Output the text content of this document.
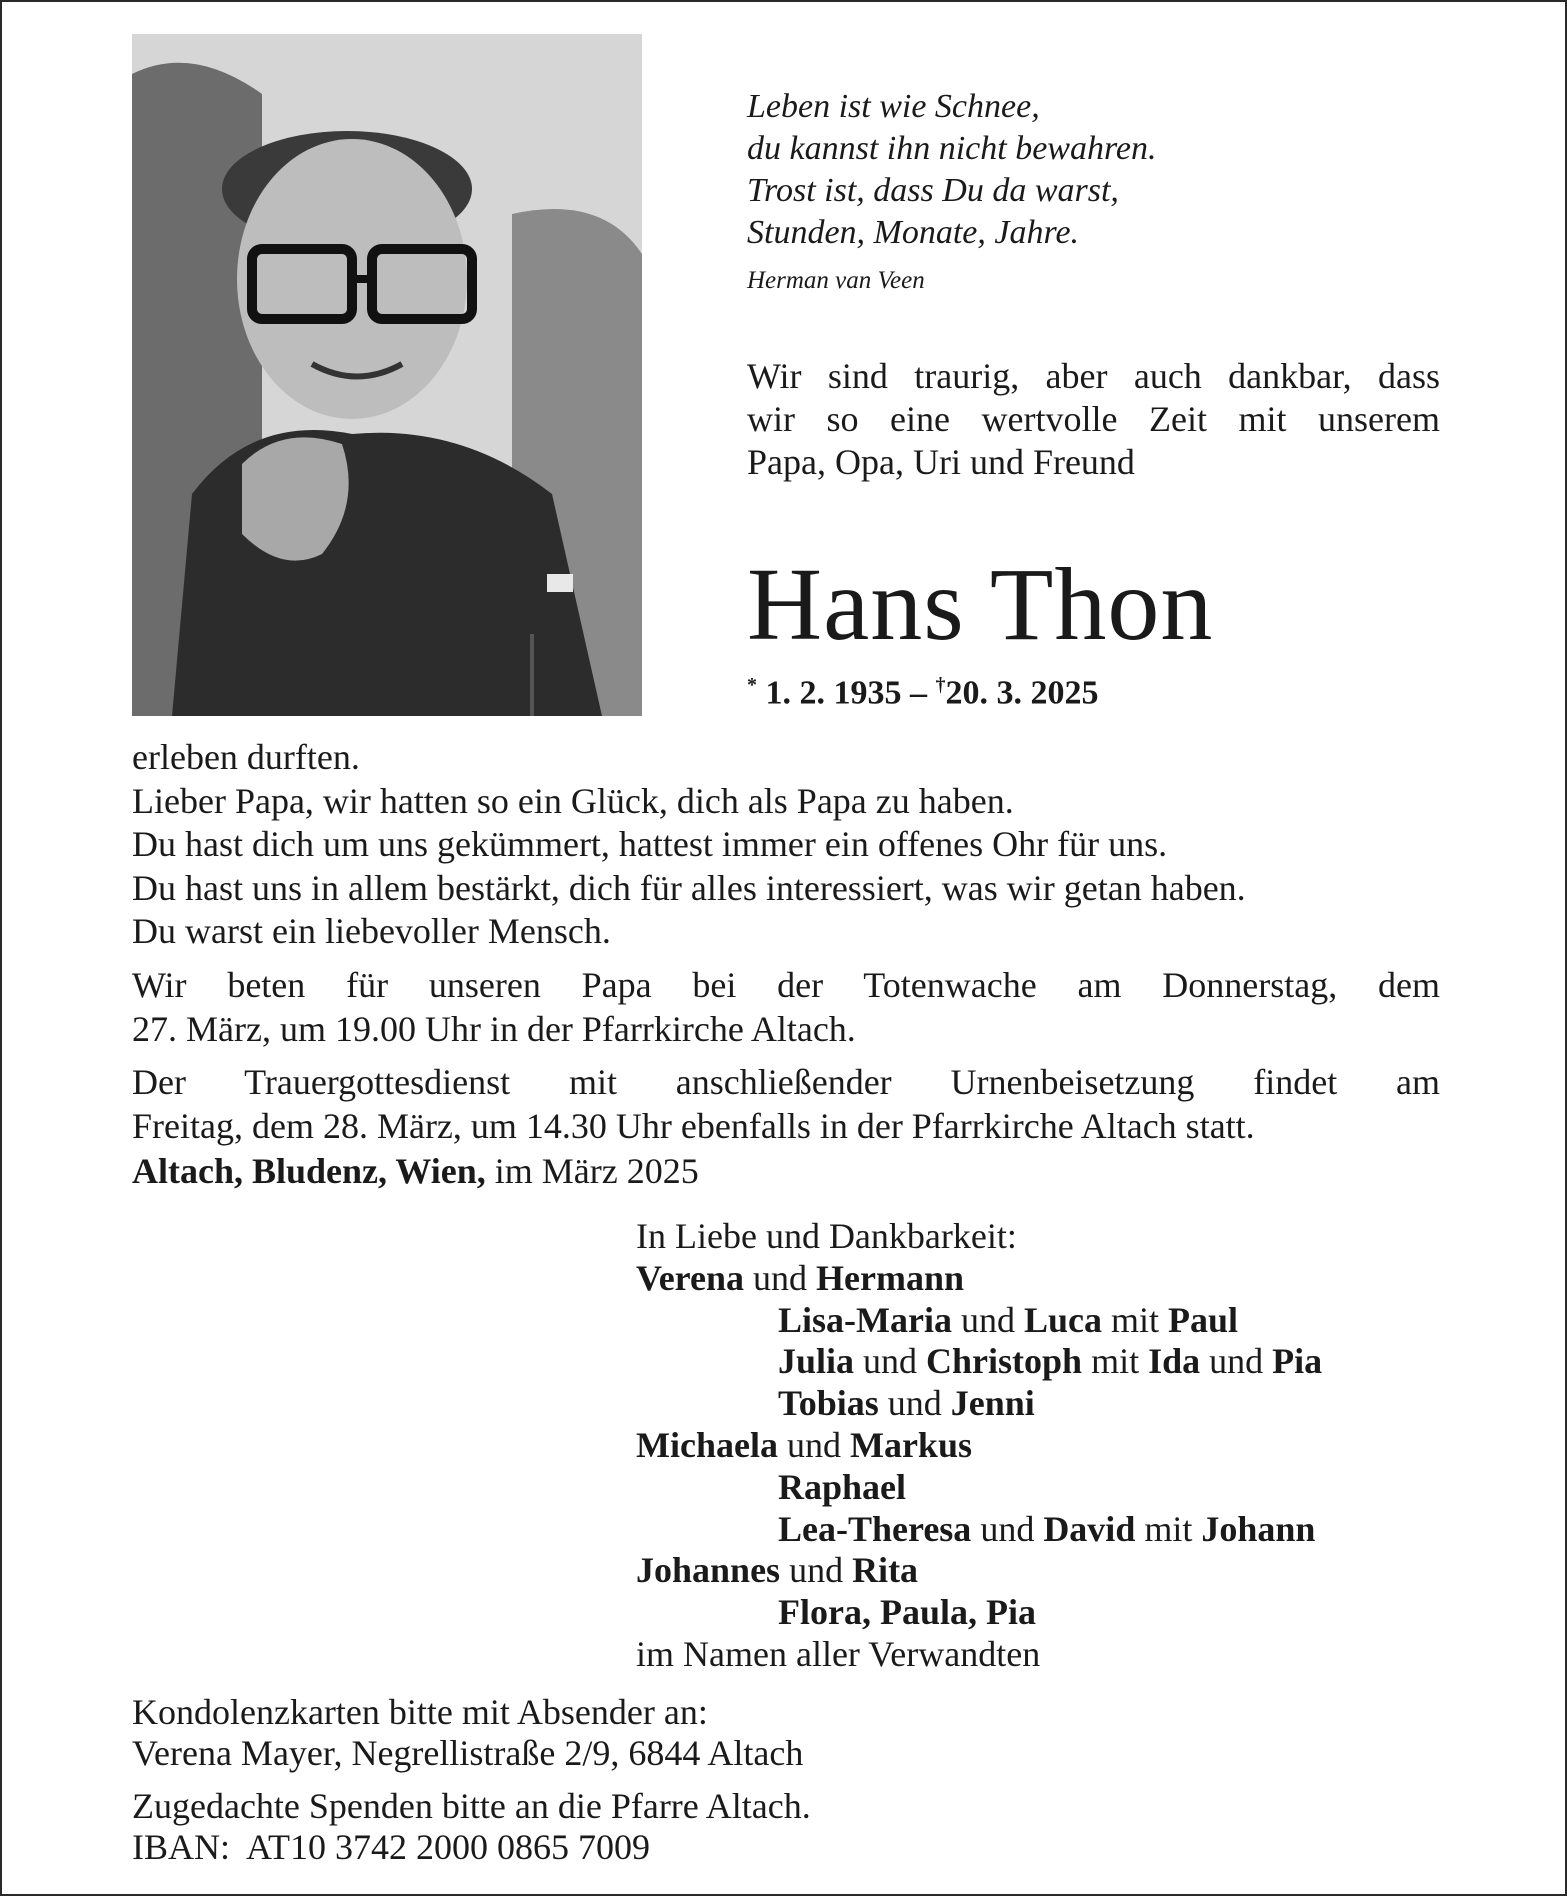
Leben ist wie Schnee,
du kannst ihn nicht bewahren.
Trost ist, dass Du da warst,
Stunden, Monate, Jahre.
Herman van Veen
Wir sind traurig, aber auch dankbar, dass
wir so eine wertvolle Zeit mit unserem
Papa, Opa, Uri und Freund
Hans Thon
* 1. 2. 1935 – †20. 3. 2025

erleben durften.
Lieber Papa, wir hatten so ein Glück, dich als Papa zu haben.
Du hast dich um uns gekümmert, hattest immer ein offenes Ohr für uns.
Du hast uns in allem bestärkt, dich für alles interessiert, was wir getan haben.
Du warst ein liebevoller Mensch.

Wir beten für unseren Papa bei der Totenwache am Donnerstag, dem
27. März, um 19.00 Uhr in der Pfarrkirche Altach.

Der Trauergottesdienst mit anschließender Urnenbeisetzung findet am
Freitag, dem 28. März, um 14.30 Uhr ebenfalls in der Pfarrkirche Altach statt.

Altach, Bludenz, Wien, im März 2025
In Liebe und Dankbarkeit:
Verena und Hermann
Lisa-Maria und Luca mit Paul
Julia und Christoph mit Ida und Pia
Tobias und Jenni
Michaela und Markus
Raphael
Lea-Theresa und David mit Johann
Johannes und Rita
Flora, Paula, Pia
im Namen aller Verwandten
Kondolenzkarten bitte mit Absender an:
Verena Mayer, Negrellistraße 2/9, 6844 Altach
Zugedachte Spenden bitte an die Pfarre Altach.
IBAN:  AT10 3742 2000 0865 7009
